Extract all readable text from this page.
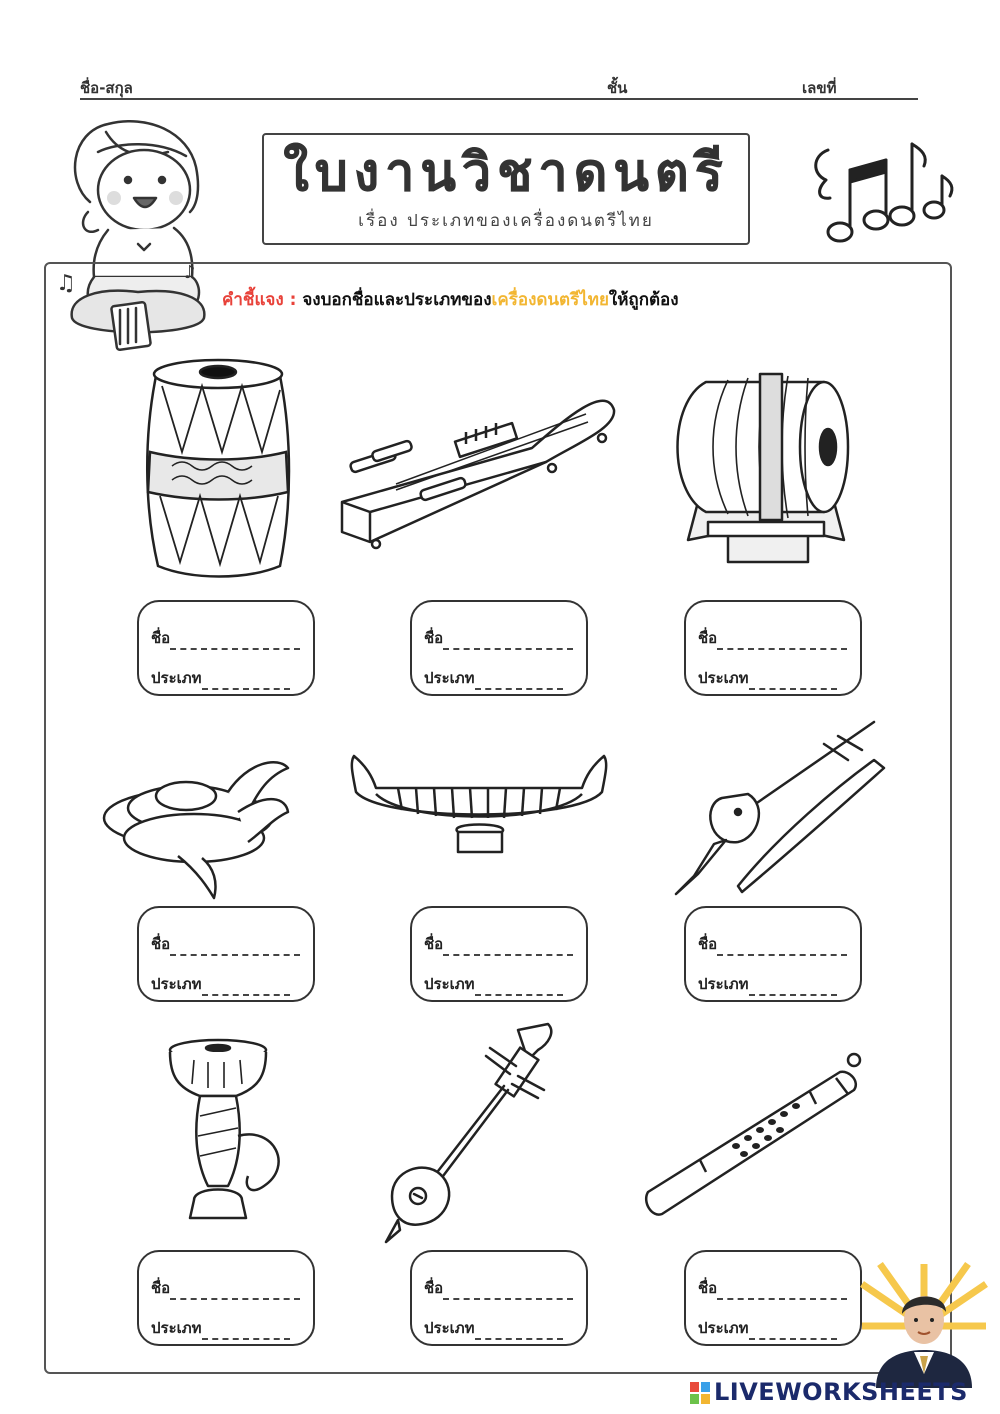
ชื่อ-สกุล	ชั้น	เลขที่
♫	♪
ใบงานวิชาดนตรี
เรื่อง ประเภทของเครื่องดนตรีไทย
คำชี้แจง : จงบอกชื่อและประเภทของเครื่องดนตรีไทยให้ถูกต้อง
ชื่อ
ประเภท
ชื่อ
ประเภท
ชื่อ
ประเภท
ชื่อ
ประเภท
ชื่อ
ประเภท
ชื่อ
ประเภท
ชื่อ
ประเภท
ชื่อ
ประเภท
ชื่อ
ประเภท
LIVEWORKSHEETS
